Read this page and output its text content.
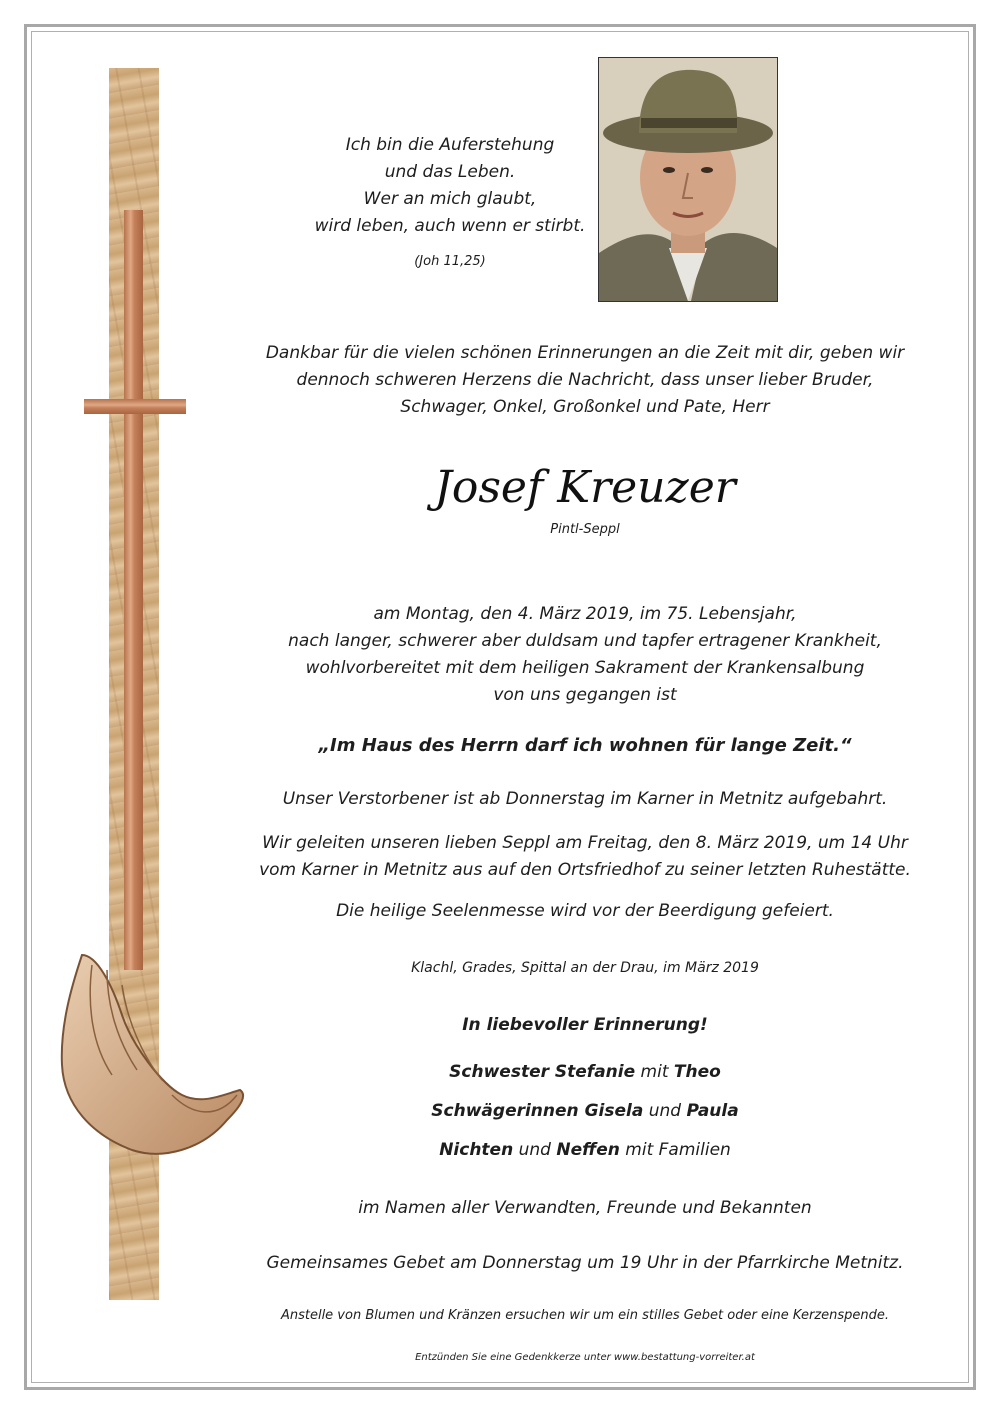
Ich bin die Auferstehung
und das Leben.
Wer an mich glaubt,
wird leben, auch wenn er stirbt.
(Joh 11,25)
Dankbar für die vielen schönen Erinnerungen an die Zeit mit dir, geben wir
dennoch schweren Herzens die Nachricht, dass unser lieber Bruder,
Schwager, Onkel, Großonkel und Pate, Herr
Josef Kreuzer
Pintl-Seppl
am Montag, den 4. März 2019, im 75. Lebensjahr,
nach langer, schwerer aber duldsam und tapfer ertragener Krankheit,
wohlvorbereitet mit dem heiligen Sakrament der Krankensalbung
von uns gegangen ist
„Im Haus des Herrn darf ich wohnen für lange Zeit.“
Unser Verstorbener ist ab Donnerstag im Karner in Metnitz aufgebahrt.
Wir geleiten unseren lieben Seppl am Freitag, den 8. März 2019, um 14 Uhr
vom Karner in Metnitz aus auf den Ortsfriedhof zu seiner letzten Ruhestätte.
Die heilige Seelenmesse wird vor der Beerdigung gefeiert.
Klachl, Grades, Spittal an der Drau, im März 2019
In liebevoller Erinnerung!
Schwester Stefanie mit Theo
Schwägerinnen Gisela und Paula
Nichten und Neffen mit Familien
im Namen aller Verwandten, Freunde und Bekannten
Gemeinsames Gebet am Donnerstag um 19 Uhr in der Pfarrkirche Metnitz.
Anstelle von Blumen und Kränzen ersuchen wir um ein stilles Gebet oder eine Kerzenspende.
Entzünden Sie eine Gedenkkerze unter www.bestattung-vorreiter.at
